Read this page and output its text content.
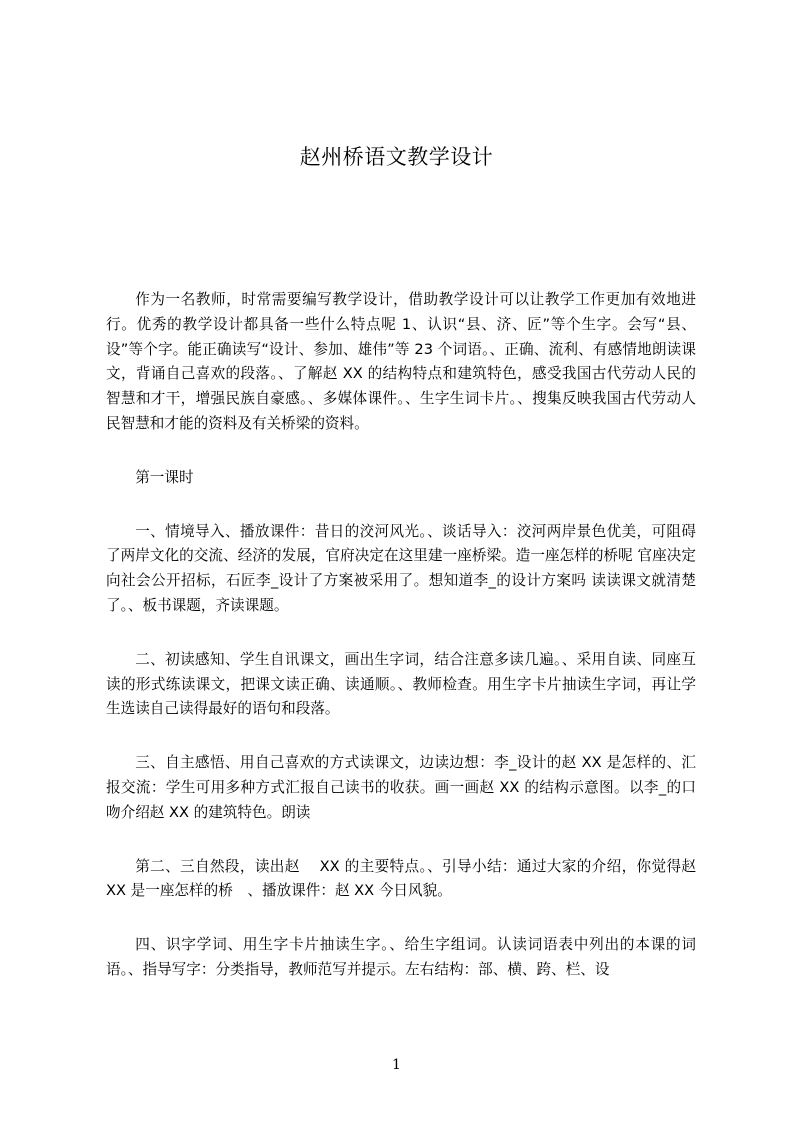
赵州桥语文教学设计

作为一名教师，时常需要编写教学设计，借助教学设计可以让教学工作更加有效地进行。优秀的教学设计都具备一些什么特点呢 1、认识“县、济、匠”等个生字。会写“县、设”等个字。能正确读写“设计、参加、雄伟”等 23 个词语。、正确、流利、有感情地朗读课文，背诵自己喜欢的段落。、了解赵 XX 的结构特点和建筑特色，感受我国古代劳动人民的智慧和才干，增强民族自豪感。、多媒体课件。、生字生词卡片。、搜集反映我国古代劳动人民智慧和才能的资料及有关桥梁的资料。

第一课时

一、情境导入、播放课件：昔日的洨河风光。、谈话导入：洨河两岸景色优美，可阻碍了两岸文化的交流、经济的发展，官府决定在这里建一座桥梁。造一座怎样的桥呢 官座决定向社会公开招标，石匠李_设计了方案被采用了。想知道李_的设计方案吗 读读课文就清楚了。、板书课题，齐读课题。

二、初读感知、学生自讯课文，画出生字词，结合注意多读几遍。、采用自读、同座互读的形式练读课文，把课文读正确、读通顺。、教师检查。用生字卡片抽读生字词，再让学生选读自己读得最好的语句和段落。

三、自主感悟、用自己喜欢的方式读课文，边读边想：李_设计的赵 XX 是怎样的、汇报交流：学生可用多种方式汇报自己读书的收获。画一画赵 XX 的结构示意图。以李_的口吻介绍赵 XX 的建筑特色。朗读

第二、三自然段，读出赵　 XX 的主要特点。、引导小结：通过大家的介绍，你觉得赵 XX 是一座怎样的桥　、播放课件：赵 XX 今日风貌。

四、识字学词、用生字卡片抽读生字。、给生字组词。认读词语表中列出的本课的词语。、指导写字：分类指导，教师范写并提示。左右结构：部、横、跨、栏、设

1
